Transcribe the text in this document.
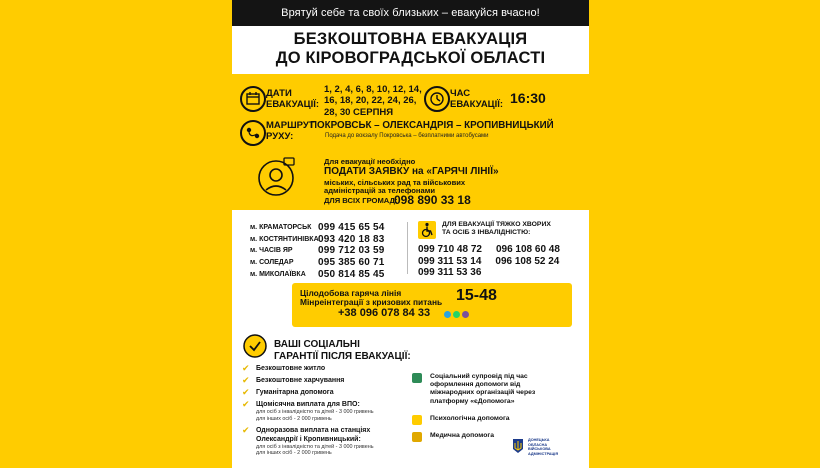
Врятуй себе та своїх близьких – евакуйся вчасно!
БЕЗКОШТОВНА ЕВАКУАЦІЯ
ДО КІРОВОГРАДСЬКОЇ ОБЛАСТІ
ДАТИ
ЕВАКУАЦІЇ:
1, 2, 4, 6, 8, 10, 12, 14,
16, 18, 20, 22, 24, 26,
28, 30 СЕРПНЯ
ЧАС
ЕВАКУАЦІЇ: 16:30
МАРШРУТ
РУХУ:
ПОКРОВСЬК – ОЛЕКСАНДРІЯ – КРОПИВНИЦЬКИЙ
Подача до вокзалу Покровська – безплатними автобусами
Для евакуації необхідно
ПОДАТИ ЗАЯВКУ на «ГАРЯЧІ ЛІНІЇ»
міських, сільських рад та військових
адміністрацій за телефонами
ДЛЯ ВСІХ ГРОМАД:
098 890 33 18
м. КРАМАТОРСЬК 099 415 65 54
м. КОСТЯНТИНІВКА 093 420 18 83
м. ЧАСІВ ЯР	099 712 03 59
м. СОЛЕДАР	095 385 60 71
м. МИКОЛАЇВКА	050 814 85 45
ДЛЯ ЕВАКУАЦІЇ ТЯЖКО ХВОРИХ
ТА ОСІБ З ІНВАЛІДНІСТЮ:
099 710 48 72 096 108 60 48
099 311 53 14 096 108 52 24
099 311 53 36
Цілодобова гаряча лінія
Мінреінтеграції з кризових питань 15-48
+38 096 078 84 33
ВАШІ СОЦІАЛЬНІ
ГАРАНТІЇ ПІСЛЯ ЕВАКУАЦІЇ:
✔ Безкоштовне житло
✔ Безкоштовне харчування
✔ Гуманітарна допомога
✔ Щомісячна виплата для ВПО:
для осіб з інвалідністю та дітей - 3 000 гривень
для інших осіб - 2 000 гривень
✔ Одноразова виплата на станціях Олександрії і Кропивницький:
для осіб з інвалідністю та дітей - 3 000 гривень
для інших осіб - 2 000 гривень
Соціальний супровід під час оформлення допомоги від міжнародних організацій через платформу «єДопомога»
Психологічна допомога
Медична допомога
ДОНЕЦЬКА ОБЛАСНА ВІЙСЬКОВА АДМІНІСТРАЦІЯ
